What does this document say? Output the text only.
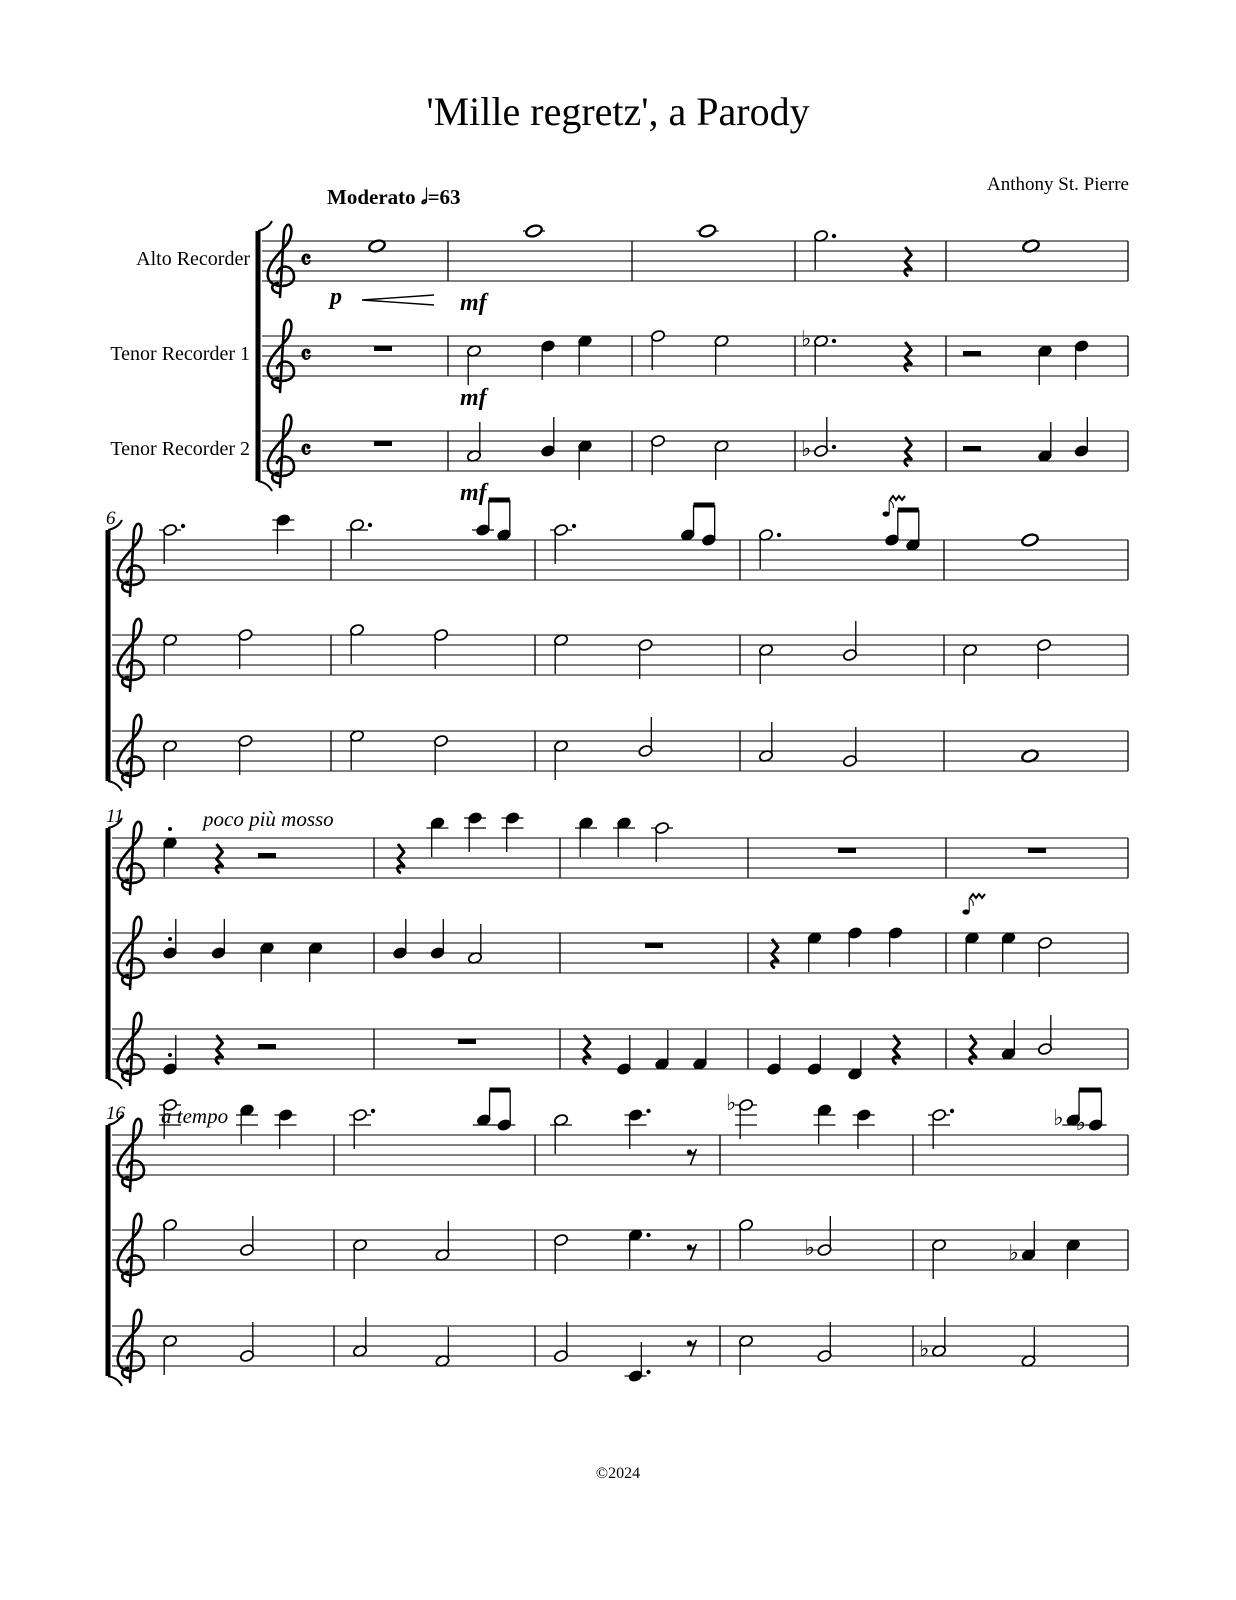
'Mille regretz', a Parody
Anthony St. Pierre
Moderato 𝅗𝅥=63
Alto Recorder
Tenor Recorder 1
Tenor Recorder 2
𝄴
𝄴
♭
𝄴	♭
6
11
♭
♭ ♭
♭	♭
♭
16
p	mf
mf
mf
poco più mosso
a tempo
©2024
